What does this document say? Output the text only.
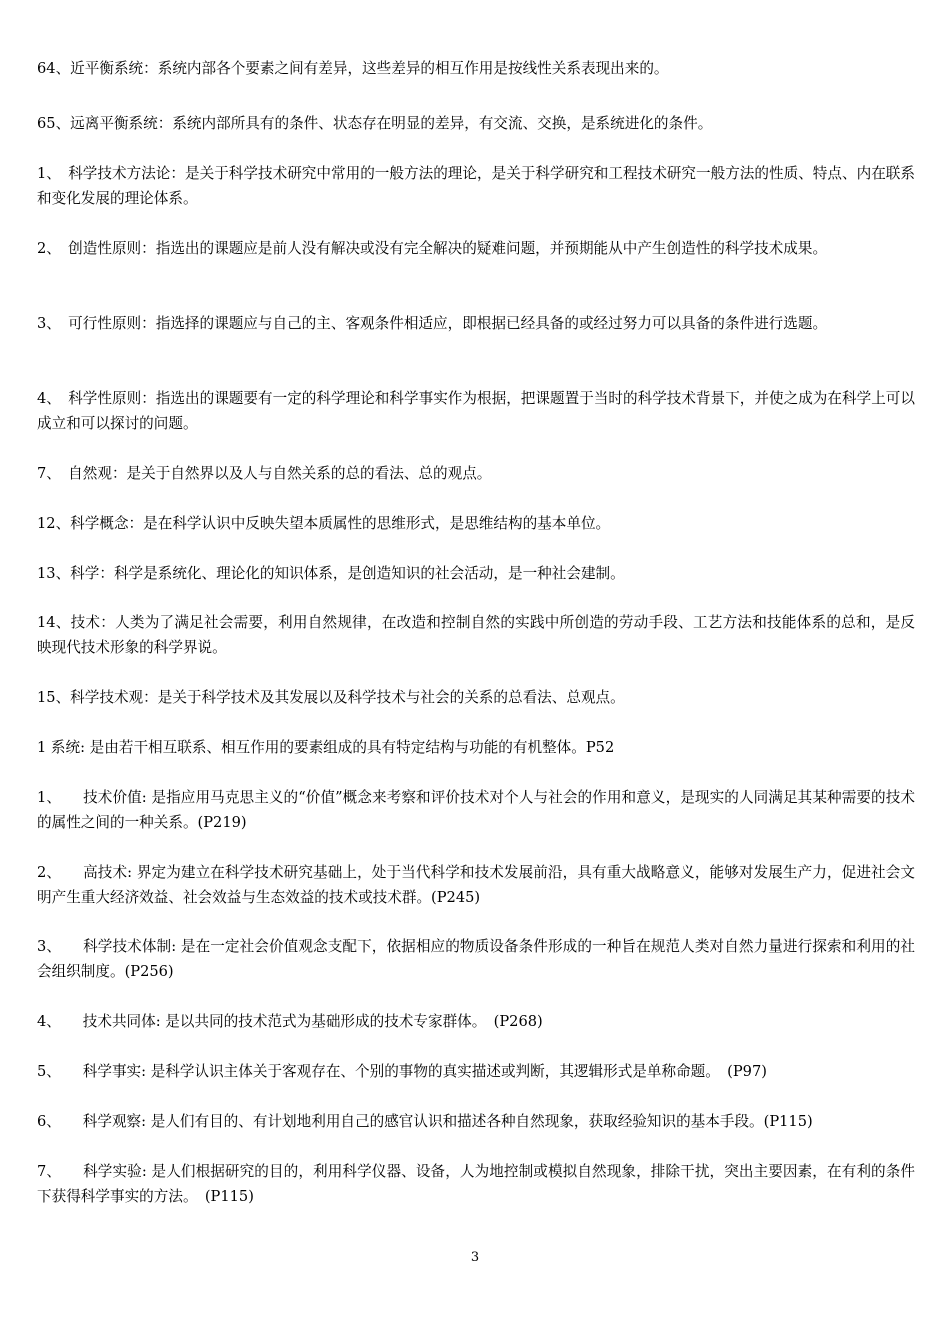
64、近平衡系统：系统内部各个要素之间有差异，这些差异的相互作用是按线性关系表现出来的。

65、远离平衡系统：系统内部所具有的条件、状态存在明显的差异，有交流、交换，是系统进化的条件。

1、　科学技术方法论：是关于科学技术研究中常用的一般方法的理论，是关于科学研究和工程技术研究一般方法的性质、特点、内在联系和变化发展的理论体系。

2、　创造性原则：指选出的课题应是前人没有解决或没有完全解决的疑难问题，并预期能从中产生创造性的科学技术成果。

3、　可行性原则：指选择的课题应与自己的主、客观条件相适应，即根据已经具备的或经过努力可以具备的条件进行选题。

4、　科学性原则：指选出的课题要有一定的科学理论和科学事实作为根据，把课题置于当时的科学技术背景下，并使之成为在科学上可以成立和可以探讨的问题。

7、　自然观：是关于自然界以及人与自然关系的总的看法、总的观点。

12、科学概念：是在科学认识中反映失望本质属性的思维形式，是思维结构的基本单位。

13、科学：科学是系统化、理论化的知识体系，是创造知识的社会活动，是一种社会建制。

14、技术：人类为了满足社会需要，利用自然规律，在改造和控制自然的实践中所创造的劳动手段、工艺方法和技能体系的总和，是反映现代技术形象的科学界说。

15、科学技术观：是关于科学技术及其发展以及科学技术与社会的关系的总看法、总观点。

1 系统: 是由若干相互联系、相互作用的要素组成的具有特定结构与功能的有机整体。P52

1、　　技术价值: 是指应用马克思主义的“价值”概念来考察和评价技术对个人与社会的作用和意义，是现实的人同满足其某种需要的技术的属性之间的一种关系。(P219)

2、　　高技术: 界定为建立在科学技术研究基础上，处于当代科学和技术发展前沿，具有重大战略意义，能够对发展生产力，促进社会文明产生重大经济效益、社会效益与生态效益的技术或技术群。(P245)

3、　　科学技术体制: 是在一定社会价值观念支配下，依据相应的物质设备条件形成的一种旨在规范人类对自然力量进行探索和利用的社会组织制度。(P256)

4、　　技术共同体: 是以共同的技术范式为基础形成的技术专家群体。　(P268)

5、　　科学事实: 是科学认识主体关于客观存在、个别的事物的真实描述或判断，其逻辑形式是单称命题。　(P97)

6、　　科学观察: 是人们有目的、有计划地利用自己的感官认识和描述各种自然现象，获取经验知识的基本手段。(P115)

7、　　科学实验: 是人们根据研究的目的，利用科学仪器、设备，人为地控制或模拟自然现象，排除干扰，突出主要因素，在有利的条件下获得科学事实的方法。　(P115)

3
